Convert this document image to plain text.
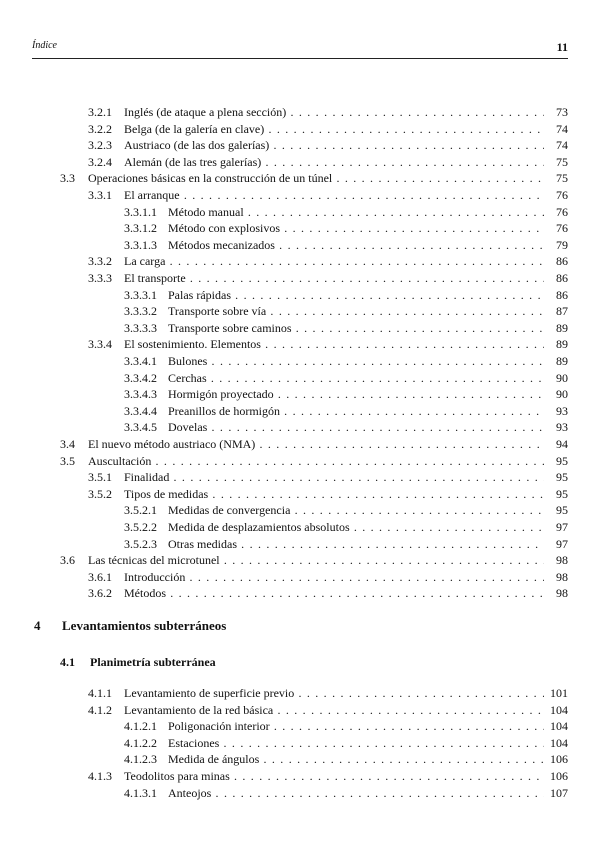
Índice	11
3.2.1 Inglés (de ataque a plena sección) . . .	73
3.2.2 Belga (de la galería en clave) . . .	74
3.2.3 Austriaco (de las dos galerías) . . .	74
3.2.4 Alemán (de las tres galerías) . . .	75
3.3 Operaciones básicas en la construcción de un túnel . . .	75
3.3.1 El arranque . . .	76
3.3.1.1 Método manual . . .	76
3.3.1.2 Método con explosivos . . .	76
3.3.1.3 Métodos mecanizados . . .	79
3.3.2 La carga . . .	86
3.3.3 El transporte . . .	86
3.3.3.1 Palas rápidas . . .	86
3.3.3.2 Transporte sobre vía . . .	87
3.3.3.3 Transporte sobre caminos . . .	89
3.3.4 El sostenimiento. Elementos . . .	89
3.3.4.1 Bulones . . .	89
3.3.4.2 Cerchas . . .	90
3.3.4.3 Hormigón proyectado . . .	90
3.3.4.4 Preanillos de hormigón . . .	93
3.3.4.5 Dovelas . . .	93
3.4 El nuevo método austriaco (NMA) . . .	94
3.5 Auscultación . . .	95
3.5.1 Finalidad . . .	95
3.5.2 Tipos de medidas . . .	95
3.5.2.1 Medidas de convergencia . . .	95
3.5.2.2 Medida de desplazamientos absolutos . . .	97
3.5.2.3 Otras medidas . . .	97
3.6 Las técnicas del microtunel . . .	98
3.6.1 Introducción . . .	98
3.6.2 Métodos . . .	98
4 Levantamientos subterráneos
4.1 Planimetría subterránea
4.1.1 Levantamiento de superficie previo . . .	101
4.1.2 Levantamiento de la red básica . . .	104
4.1.2.1 Poligonación interior . . .	104
4.1.2.2 Estaciones . . .	104
4.1.2.3 Medida de ángulos . . .	106
4.1.3 Teodolitos para minas . . .	106
4.1.3.1 Anteojos . . .	107
